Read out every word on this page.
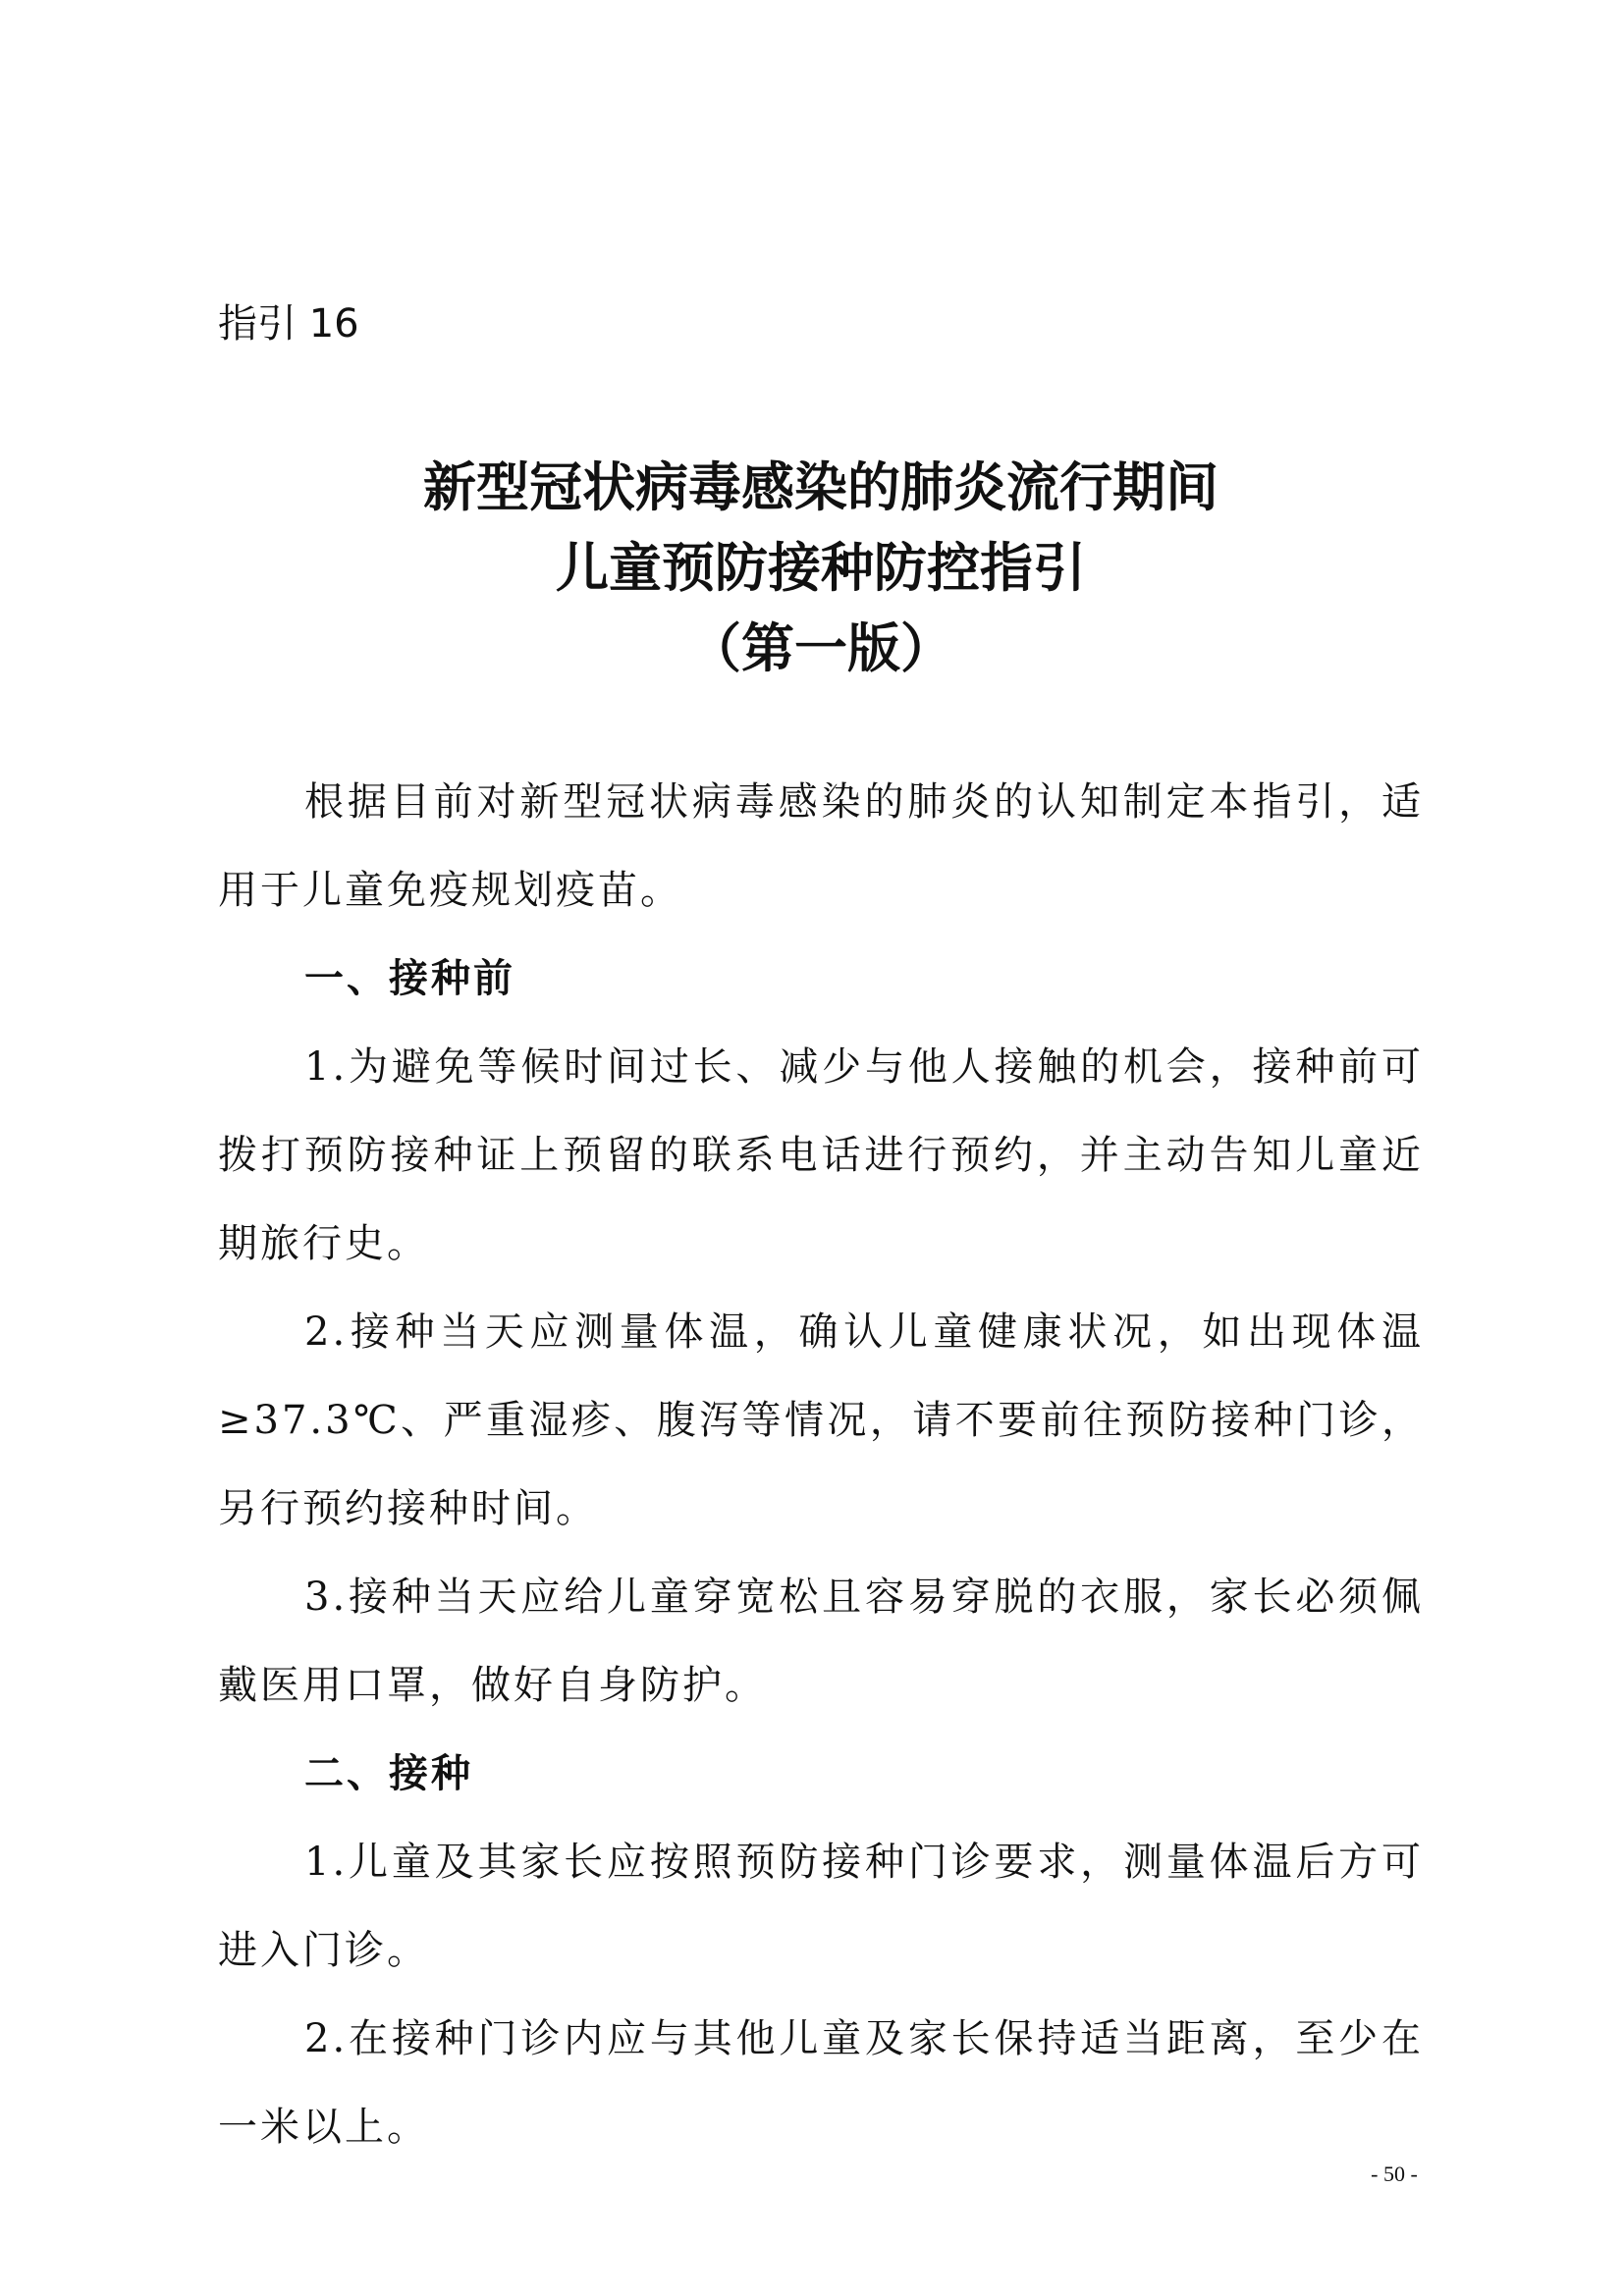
指引 16

新型冠状病毒感染的肺炎流行期间
儿童预防接种防控指引
（第一版）

根据目前对新型冠状病毒感染的肺炎的认知制定本指引，适用于儿童免疫规划疫苗。

一、接种前

1.为避免等候时间过长、减少与他人接触的机会，接种前可拨打预防接种证上预留的联系电话进行预约，并主动告知儿童近期旅行史。

2.接种当天应测量体温，确认儿童健康状况，如出现体温≥37.3℃、严重湿疹、腹泻等情况，请不要前往预防接种门诊，另行预约接种时间。

3.接种当天应给儿童穿宽松且容易穿脱的衣服，家长必须佩戴医用口罩，做好自身防护。

二、接种

1.儿童及其家长应按照预防接种门诊要求，测量体温后方可进入门诊。

2.在接种门诊内应与其他儿童及家长保持适当距离，至少在一米以上。

- 50 -
